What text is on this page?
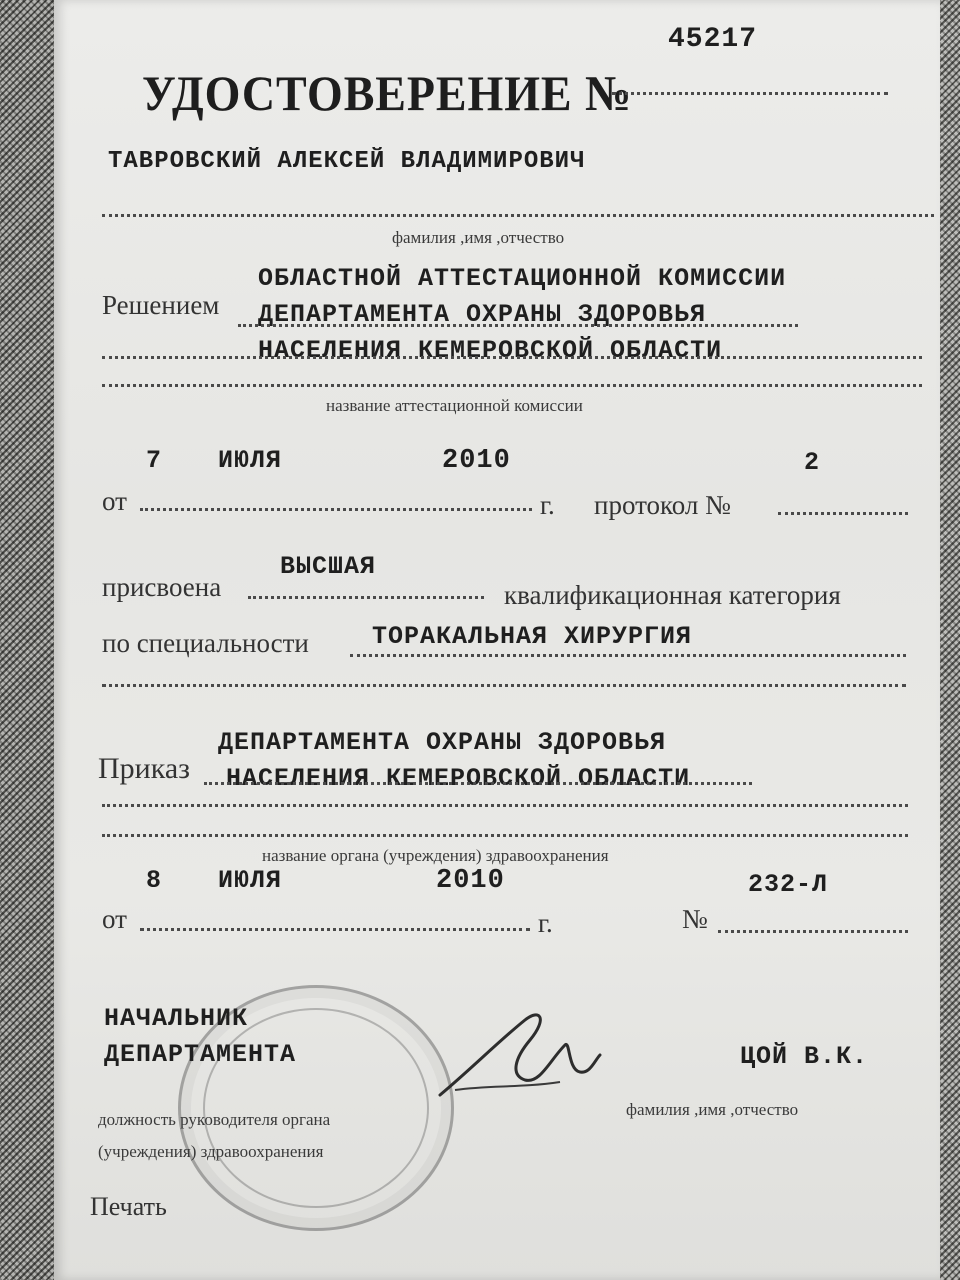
45217
УДОСТОВЕРЕНИЕ №
ТАВРОВСКИЙ АЛЕКСЕЙ ВЛАДИМИРОВИЧ
фамилия ,имя ,отчество
ОБЛАСТНОЙ АТТЕСТАЦИОННОЙ КОМИССИИ
Решением ДЕПАРТАМЕНТА ОХРАНЫ ЗДОРОВЬЯ
НАСЕЛЕНИЯ КЕМЕРОВСКОЙ ОБЛАСТИ
название аттестационной комиссии
7 ИЮЛЯ	2010	2
от	г. протокол №
ВЫСШАЯ
присвоена	квалификационная категория
по специальности	ТОРАКАЛЬНАЯ ХИРУРГИЯ
ДЕПАРТАМЕНТА ОХРАНЫ ЗДОРОВЬЯ
Приказ НАСЕЛЕНИЯ КЕМЕРОВСКОЙ ОБЛАСТИ
название органа (учреждения) здравоохранения
8 ИЮЛЯ	2010	232-Л
от	г.	№
НАЧАЛЬНИК
ДЕПАРТАМЕНТА	ЦОЙ В.К.
должность руководителя органа
(учреждения) здравоохранения
фамилия ,имя ,отчество
Печать
